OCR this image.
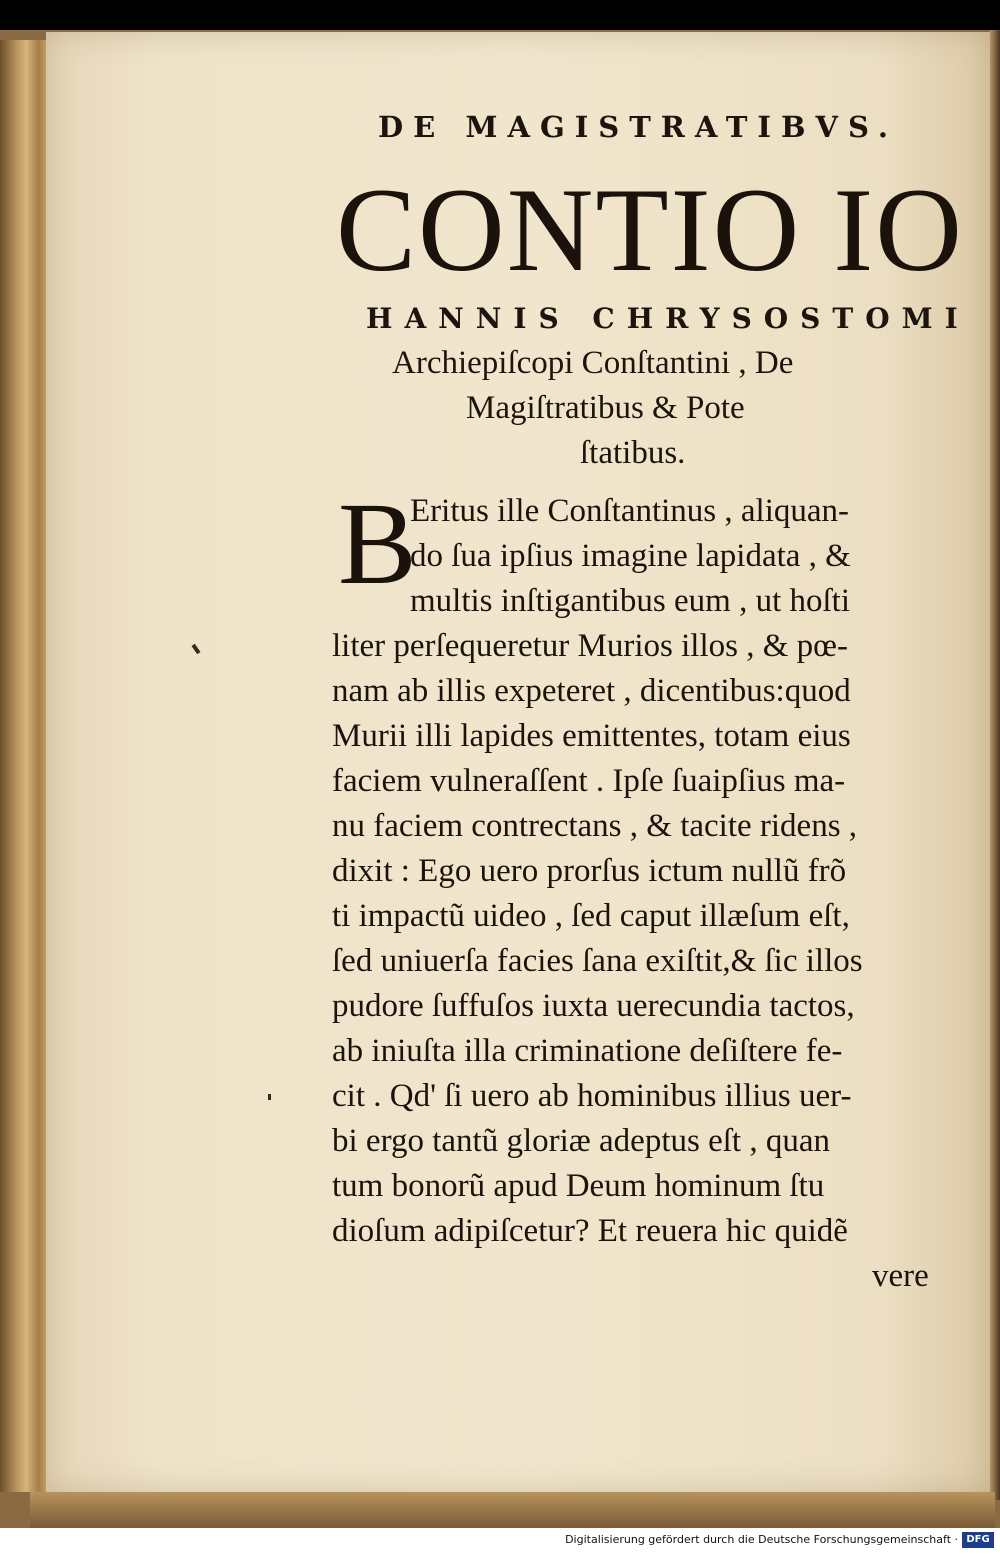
DE MAGISTRATIBVS.
CONTIO IO
HANNIS CHRYSOSTOMI
Archiepiſcopi Conſtantini , De
Magiſtratibus & Pote
ſtatibus.
B
Eritus ille Conſtantinus , aliquan-
do ſua ipſius imagine lapidata , &
multis inſtigantibus eum , ut hoſti
liter perſequeretur Murios illos , & pœ-
nam ab illis expeteret , dicentibus:quod
Murii illi lapides emittentes, totam eius
faciem vulneraſſent . Ipſe ſuaipſius ma-
nu faciem contrectans , & tacite ridens ,
dixit : Ego uero prorſus ictum nullũ frõ
ti impactũ uideo , ſed caput illæſum eſt,
ſed uniuerſa facies ſana exiſtit,& ſic illos
pudore ſuffuſos iuxta uerecundia tactos,
ab iniuſta illa criminatione deſiſtere fe-
cit . Qd' ſi uero ab hominibus illius uer-
bi ergo tantũ gloriæ adeptus eſt , quan
tum bonorũ apud Deum hominum ſtu
dioſum adipiſcetur? Et reuera hic quidẽ
vere
Digitalisierung gefördert durch die Deutsche Forschungsgemeinschaft · DFG
